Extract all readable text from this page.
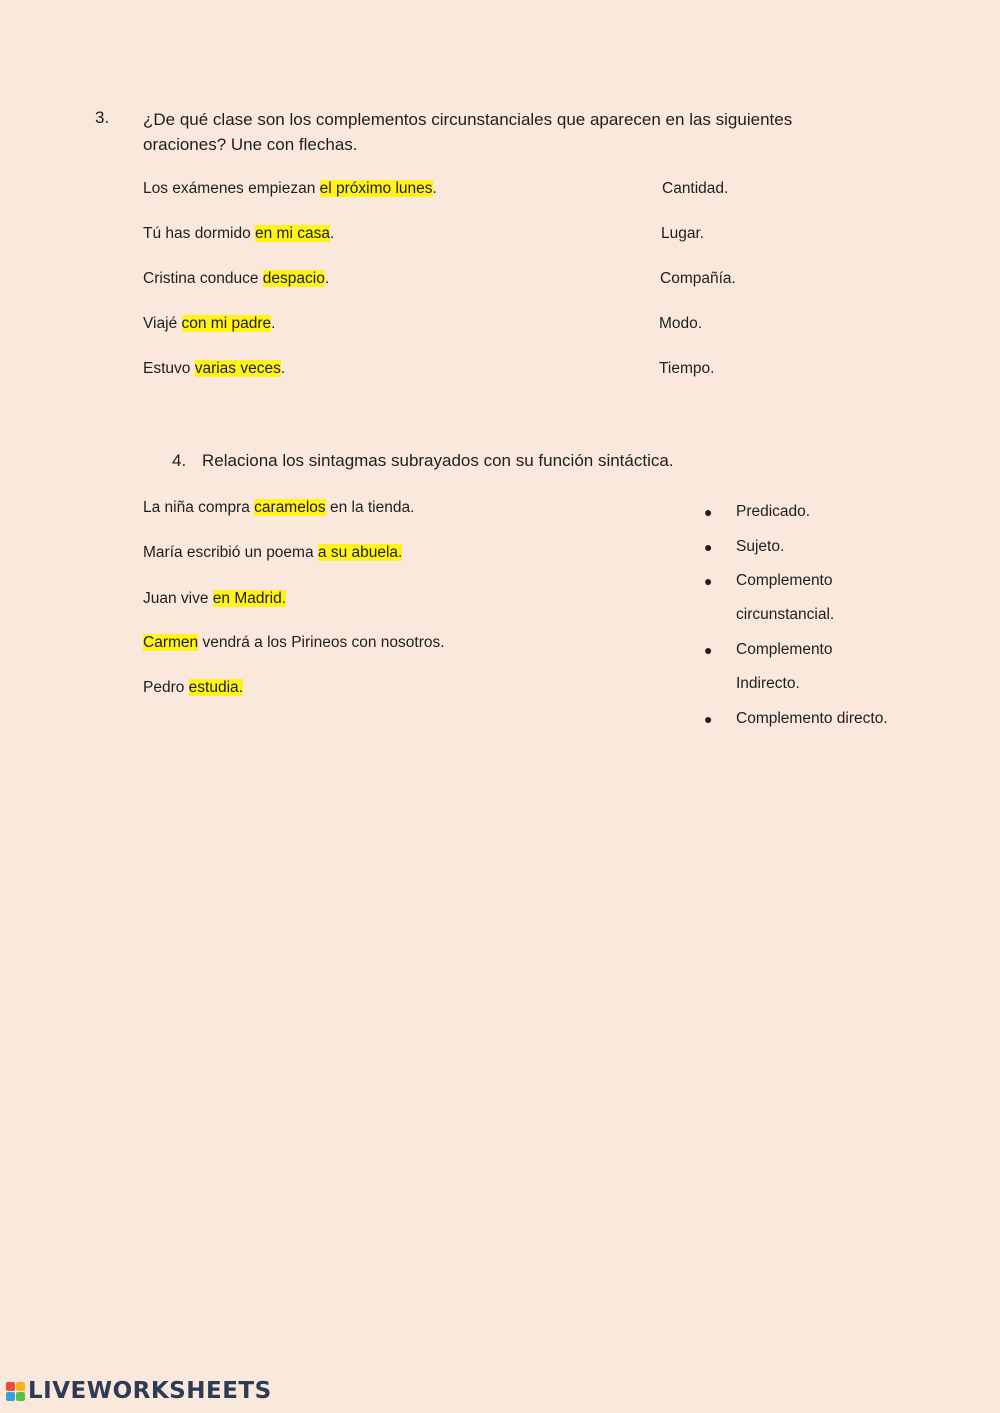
3. ¿De qué clase son los complementos circunstanciales que aparecen en las siguientes
oraciones? Une con flechas.
Los exámenes empiezan el próximo lunes.
Tú has dormido en mi casa.
Cristina conduce despacio.
Viajé con mi padre.
Estuvo varias veces.
Cantidad.
Lugar.
Compañía.
Modo.
Tiempo.
4. Relaciona los sintagmas subrayados con su función sintáctica.
La niña compra caramelos en la tienda.
María escribió un poema a su abuela.
Juan vive en Madrid.
Carmen vendrá a los Pirineos con nosotros.
Pedro estudia.
● Predicado.
● Sujeto.
● Complemento
circunstancial.
● Complemento
Indirecto.
● Complemento directo.
LIVEWORKSHEETS
